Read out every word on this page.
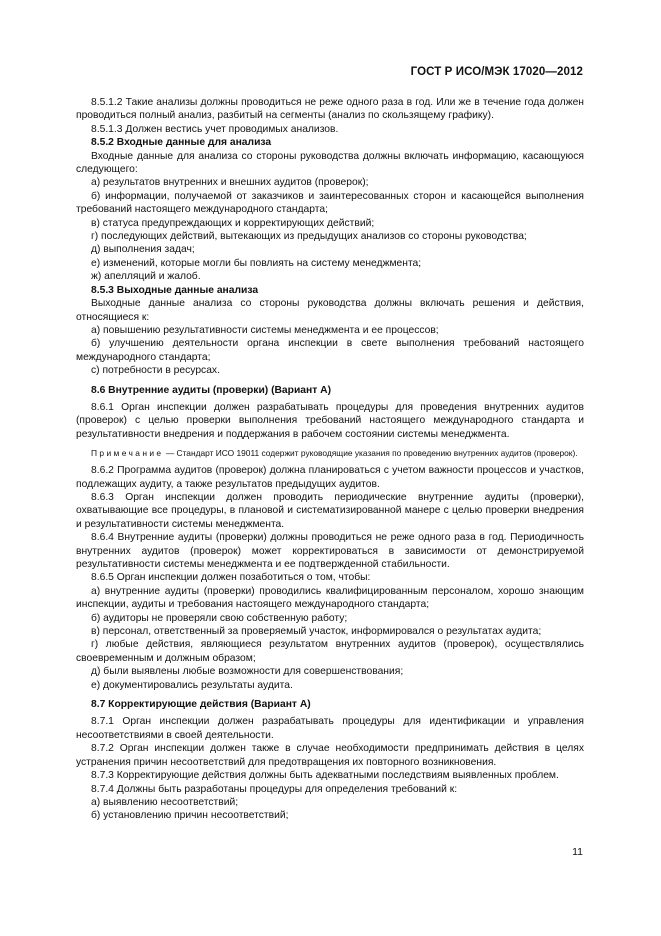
ГОСТ Р ИСО/МЭК 17020—2012

8.5.1.2 Такие анализы должны проводиться не реже одного раза в год. Или же в течение года должен проводиться полный анализ, разбитый на сегменты (анализ по скользящему графику).

8.5.1.3 Должен вестись учет проводимых анализов.

8.5.2 Входные данные для анализа

Входные данные для анализа со стороны руководства должны включать информацию, касающуюся следующего:

а) результатов внутренних и внешних аудитов (проверок);

б) информации, получаемой от заказчиков и заинтересованных сторон и касающейся выполнения требований настоящего международного стандарта;

в) статуса предупреждающих и корректирующих действий;

г) последующих действий, вытекающих из предыдущих анализов со стороны руководства;

д) выполнения задач;

е) изменений, которые могли бы повлиять на систему менеджмента;

ж) апелляций и жалоб.

8.5.3 Выходные данные анализа

Выходные данные анализа со стороны руководства должны включать решения и действия, относящиеся к:

а) повышению результативности системы менеджмента и ее процессов;

б) улучшению деятельности органа инспекции в свете выполнения требований настоящего международного стандарта;

с) потребности в ресурсах.

8.6 Внутренние аудиты (проверки) (Вариант А)

8.6.1 Орган инспекции должен разрабатывать процедуры для проведения внутренних аудитов (проверок) с целью проверки выполнения требований настоящего международного стандарта и результативности внедрения и поддержания в рабочем состоянии системы менеджмента.

Примечание — Стандарт ИСО 19011 содержит руководящие указания по проведению внутренних аудитов (проверок).

8.6.2 Программа аудитов (проверок) должна планироваться с учетом важности процессов и участков, подлежащих аудиту, а также результатов предыдущих аудитов.

8.6.3 Орган инспекции должен проводить периодические внутренние аудиты (проверки), охватывающие все процедуры, в плановой и систематизированной манере с целью проверки внедрения и результативности системы менеджмента.

8.6.4 Внутренние аудиты (проверки) должны проводиться не реже одного раза в год. Периодичность внутренних аудитов (проверок) может корректироваться в зависимости от демонстрируемой результативности системы менеджмента и ее подтвержденной стабильности.

8.6.5 Орган инспекции должен позаботиться о том, чтобы:

а) внутренние аудиты (проверки) проводились квалифицированным персоналом, хорошо знающим инспекции, аудиты и требования настоящего международного стандарта;

б) аудиторы не проверяли свою собственную работу;

в) персонал, ответственный за проверяемый участок, информировался о результатах аудита;

г) любые действия, являющиеся результатом внутренних аудитов (проверок), осуществлялись своевременным и должным образом;

д) были выявлены любые возможности для совершенствования;

е) документировались результаты аудита.

8.7 Корректирующие действия (Вариант А)

8.7.1 Орган инспекции должен разрабатывать процедуры для идентификации и управления несоответствиями в своей деятельности.

8.7.2 Орган инспекции должен также в случае необходимости предпринимать действия в целях устранения причин несоответствий для предотвращения их повторного возникновения.

8.7.3 Корректирующие действия должны быть адекватными последствиям выявленных проблем.

8.7.4 Должны быть разработаны процедуры для определения требований к:

а) выявлению несоответствий;

б) установлению причин несоответствий;

11
